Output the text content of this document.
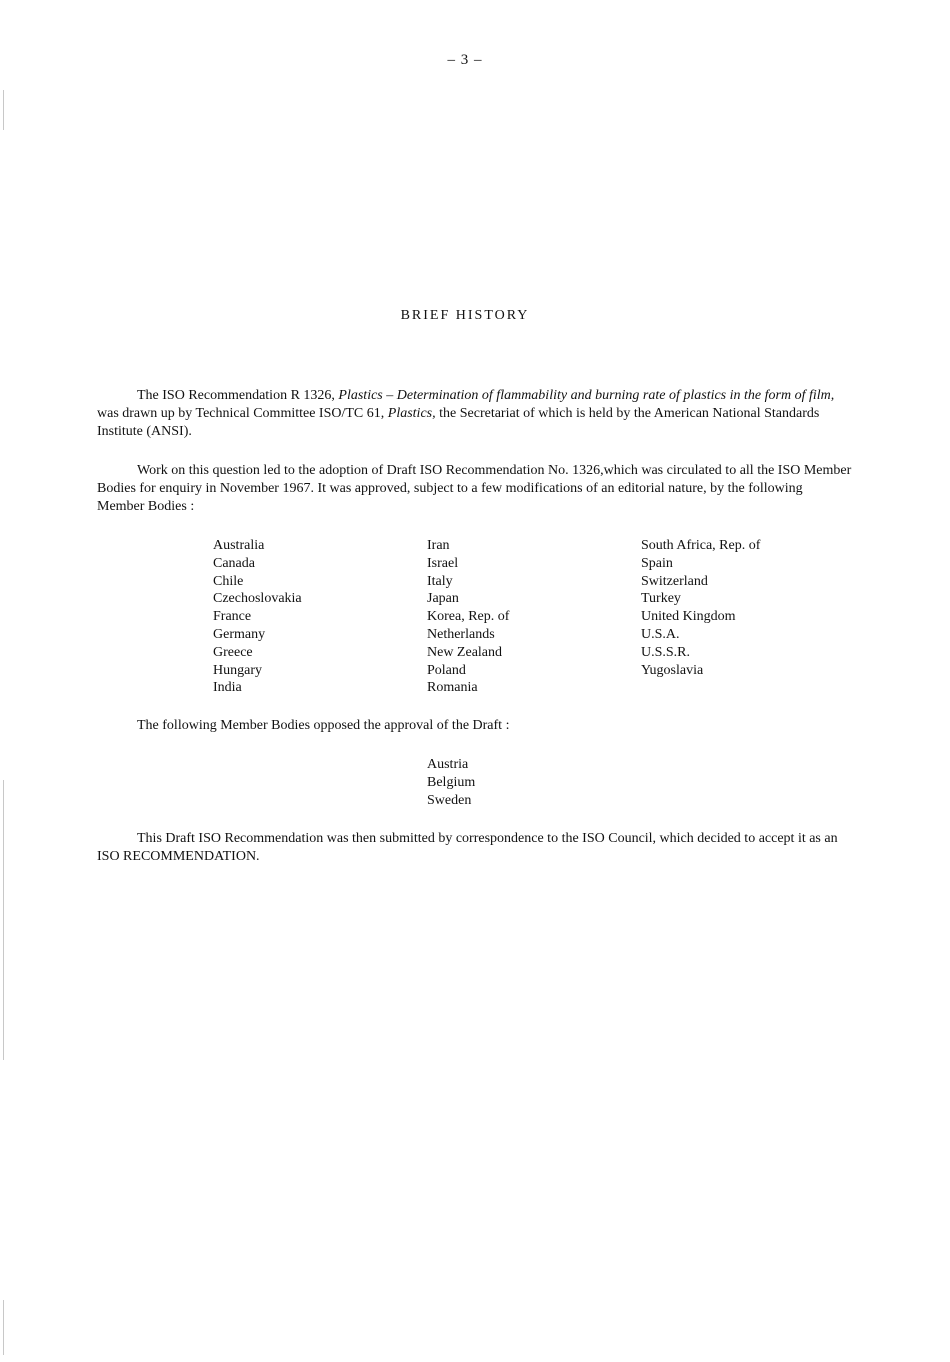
– 3 –
BRIEF HISTORY
The ISO Recommendation R 1326, Plastics – Determination of flammability and burning rate of plastics in the form of film, was drawn up by Technical Committee ISO/TC 61, Plastics, the Secretariat of which is held by the American National Standards Institute (ANSI).
Work on this question led to the adoption of Draft ISO Recommendation No. 1326,which was circulated to all the ISO Member Bodies for enquiry in November 1967. It was approved, subject to a few modifications of an editorial nature, by the following Member Bodies :
Australia
Canada
Chile
Czechoslovakia
France
Germany
Greece
Hungary
India
Iran
Israel
Italy
Japan
Korea, Rep. of
Netherlands
New Zealand
Poland
Romania
South Africa, Rep. of
Spain
Switzerland
Turkey
United Kingdom
U.S.A.
U.S.S.R.
Yugoslavia
The following Member Bodies opposed the approval of the Draft :
Austria
Belgium
Sweden
This Draft ISO Recommendation was then submitted by correspondence to the ISO Council, which decided to accept it as an ISO RECOMMENDATION.
